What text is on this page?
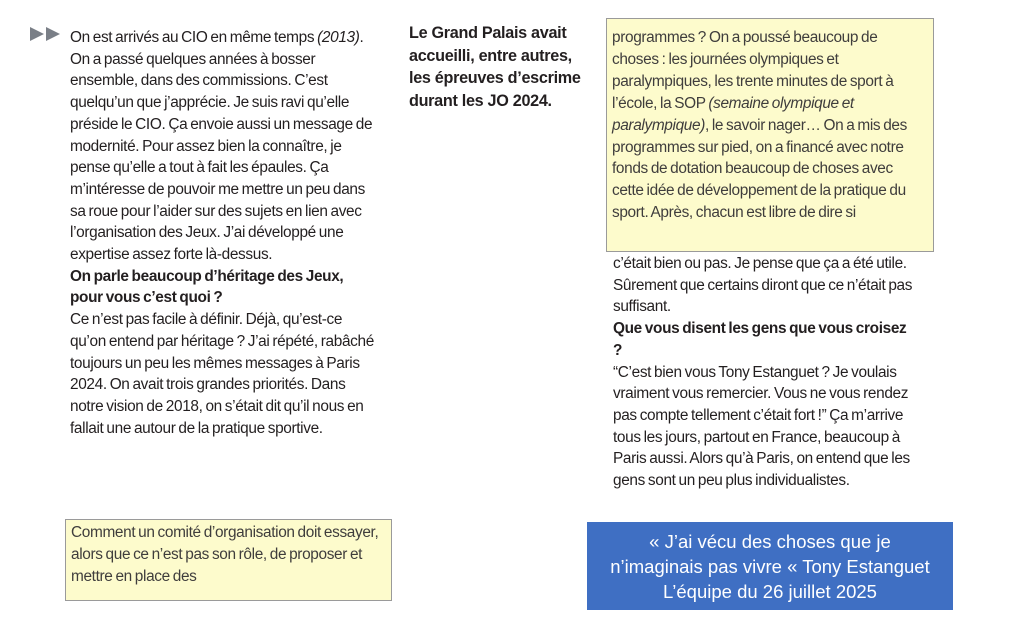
On est arrivés au CIO en même temps (2013). On a passé quelques années à bosser ensemble, dans des commissions. C’est quelqu’un que j’apprécie. Je suis ravi qu’elle préside le CIO. Ça envoie aussi un message de modernité. Pour assez bien la connaître, je pense qu’elle a tout à fait les épaules. Ça m’intéresse de pouvoir me mettre un peu dans sa roue pour l’aider sur des sujets en lien avec l’organisation des Jeux. J’ai développé une expertise assez forte là-dessus.

On parle beaucoup d’héritage des Jeux, pour vous c’est quoi ?

Ce n’est pas facile à définir. Déjà, qu’est-ce qu’on entend par héritage ? J’ai répété, rabâché toujours un peu les mêmes messages à Paris 2024. On avait trois grandes priorités. Dans notre vision de 2018, on s’était dit qu’il nous en fallait une autour de la pratique sportive.

Comment un comité d’organisation doit essayer, alors que ce n’est pas son rôle, de proposer et mettre en place des

Le Grand Palais avait accueilli, entre autres, les épreuves d’escrime durant les JO 2024.

programmes ? On a poussé beaucoup de choses : les journées olympiques et paralympiques, les trente minutes de sport à l’école, la SOP (semaine olympique et paralympique), le savoir nager… On a mis des programmes sur pied, on a financé avec notre fonds de dotation beaucoup de choses avec cette idée de développement de la pratique du sport. Après, chacun est libre de dire si

c’était bien ou pas. Je pense que ça a été utile. Sûrement que certains diront que ce n’était pas suffisant.

Que vous disent les gens que vous croisez ?

“C’est bien vous Tony Estanguet ? Je voulais vraiment vous remercier. Vous ne vous rendez pas compte tellement c’était fort !” Ça m’arrive tous les jours, partout en France, beaucoup à Paris aussi. Alors qu’à Paris, on entend que les gens sont un peu plus individualistes.

« J’ai vécu des choses que je

n’imaginais pas vivre « Tony Estanguet

L’équipe du 26 juillet 2025
